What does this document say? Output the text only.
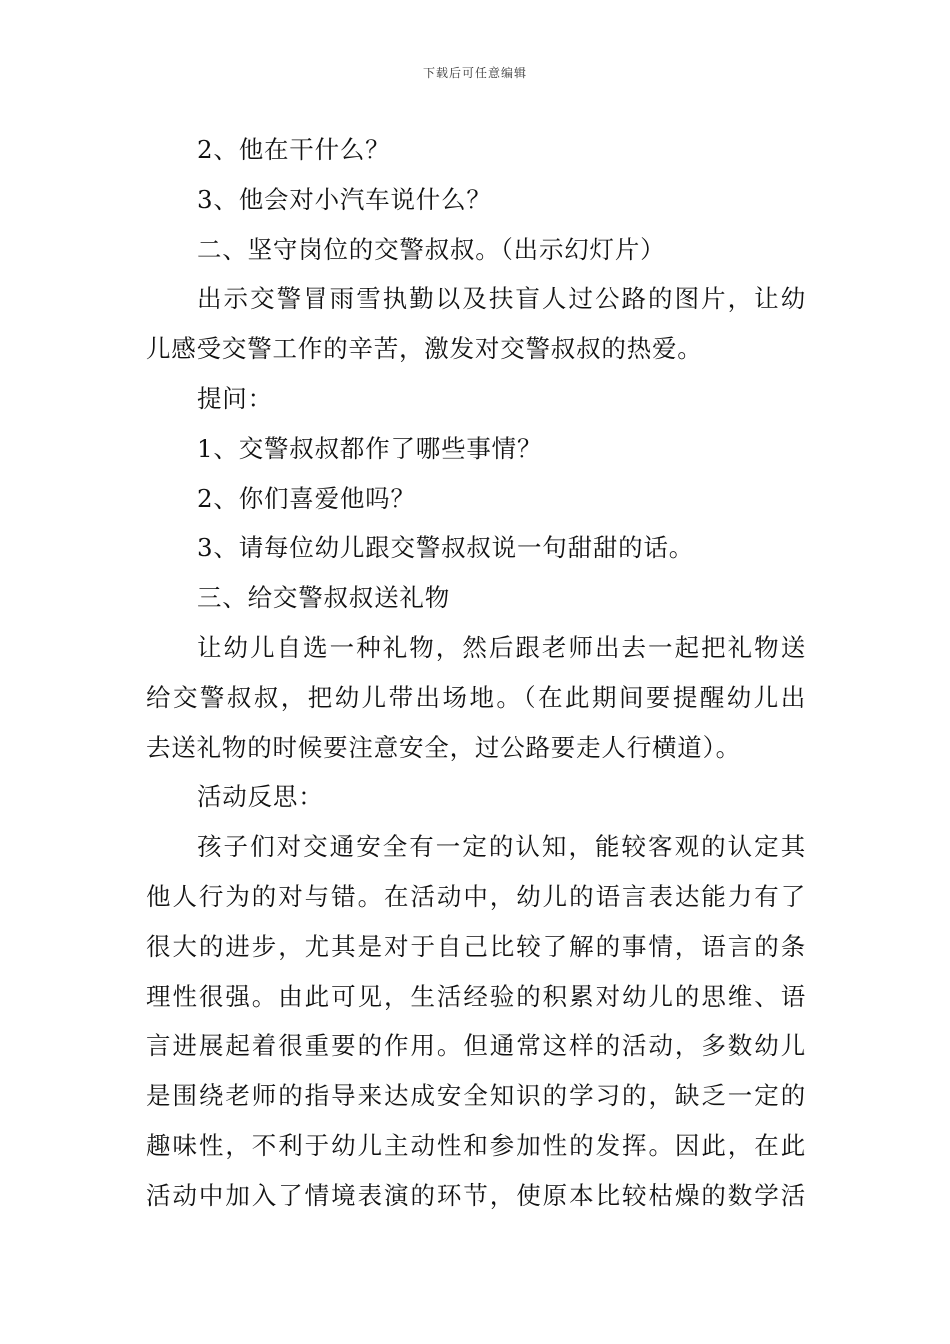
下载后可任意编辑
2、他在干什么？
3、他会对小汽车说什么？
二、坚守岗位的交警叔叔。（出示幻灯片）
出示交警冒雨雪执勤以及扶盲人过公路的图片，让幼
儿感受交警工作的辛苦，激发对交警叔叔的热爱。
提问：
1、交警叔叔都作了哪些事情？
2、你们喜爱他吗？
3、请每位幼儿跟交警叔叔说一句甜甜的话。
三、给交警叔叔送礼物
让幼儿自选一种礼物，然后跟老师出去一起把礼物送
给交警叔叔，把幼儿带出场地。（在此期间要提醒幼儿出
去送礼物的时候要注意安全，过公路要走人行横道）。
活动反思：
孩子们对交通安全有一定的认知，能较客观的认定其
他人行为的对与错。在活动中，幼儿的语言表达能力有了
很大的进步，尤其是对于自己比较了解的事情，语言的条
理性很强。由此可见，生活经验的积累对幼儿的思维、语
言进展起着很重要的作用。但通常这样的活动，多数幼儿
是围绕老师的指导来达成安全知识的学习的，缺乏一定的
趣味性，不利于幼儿主动性和参加性的发挥。因此，在此
活动中加入了情境表演的环节，使原本比较枯燥的数学活
